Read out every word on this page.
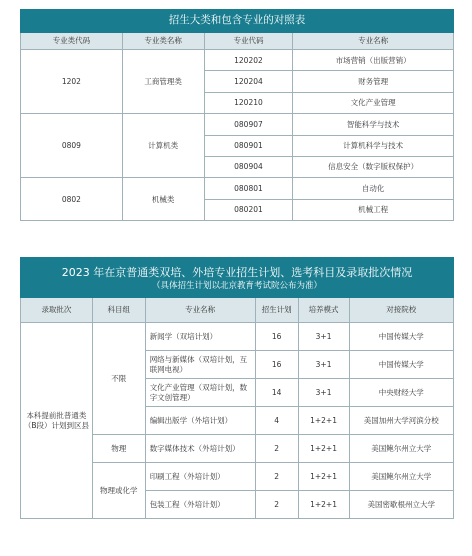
招生大类和包含专业的对照表			
专业类代码	专业类名称	专业代码	专业名称
1202	工商管理类	120202	市场营销（出版营销）
		120204	财务管理
		120210	文化产业管理
0809	计算机类	080907	智能科学与技术
		080901	计算机科学与技术
		080904	信息安全（数字版权保护）
0802	机械类	080801	自动化
		080201	机械工程
2023 年在京普通类双培、外培专业招生计划、选考科目及录取批次情况
（具体招生计划以北京教育考试院公布为准）					

录取批次	科目组	专业名称	招生计划	培养模式	对接院校
本科提前批普通类（B段）计划到区县	不限	新闻学（双培计划）	16	3+1	中国传媒大学
		网络与新媒体（双培计划，互联网电视）	16	3+1	中国传媒大学
		文化产业管理（双培计划，数字文创管理）	14	3+1	中央财经大学
		编辑出版学（外培计划）	4	1+2+1	美国加州大学河滨分校
	物理	数字媒体技术（外培计划）	2	1+2+1	美国鲍尔州立大学
	物理或化学	印刷工程（外培计划）	2	1+2+1	美国鲍尔州立大学
		包装工程（外培计划）	2	1+2+1	美国密歇根州立大学
